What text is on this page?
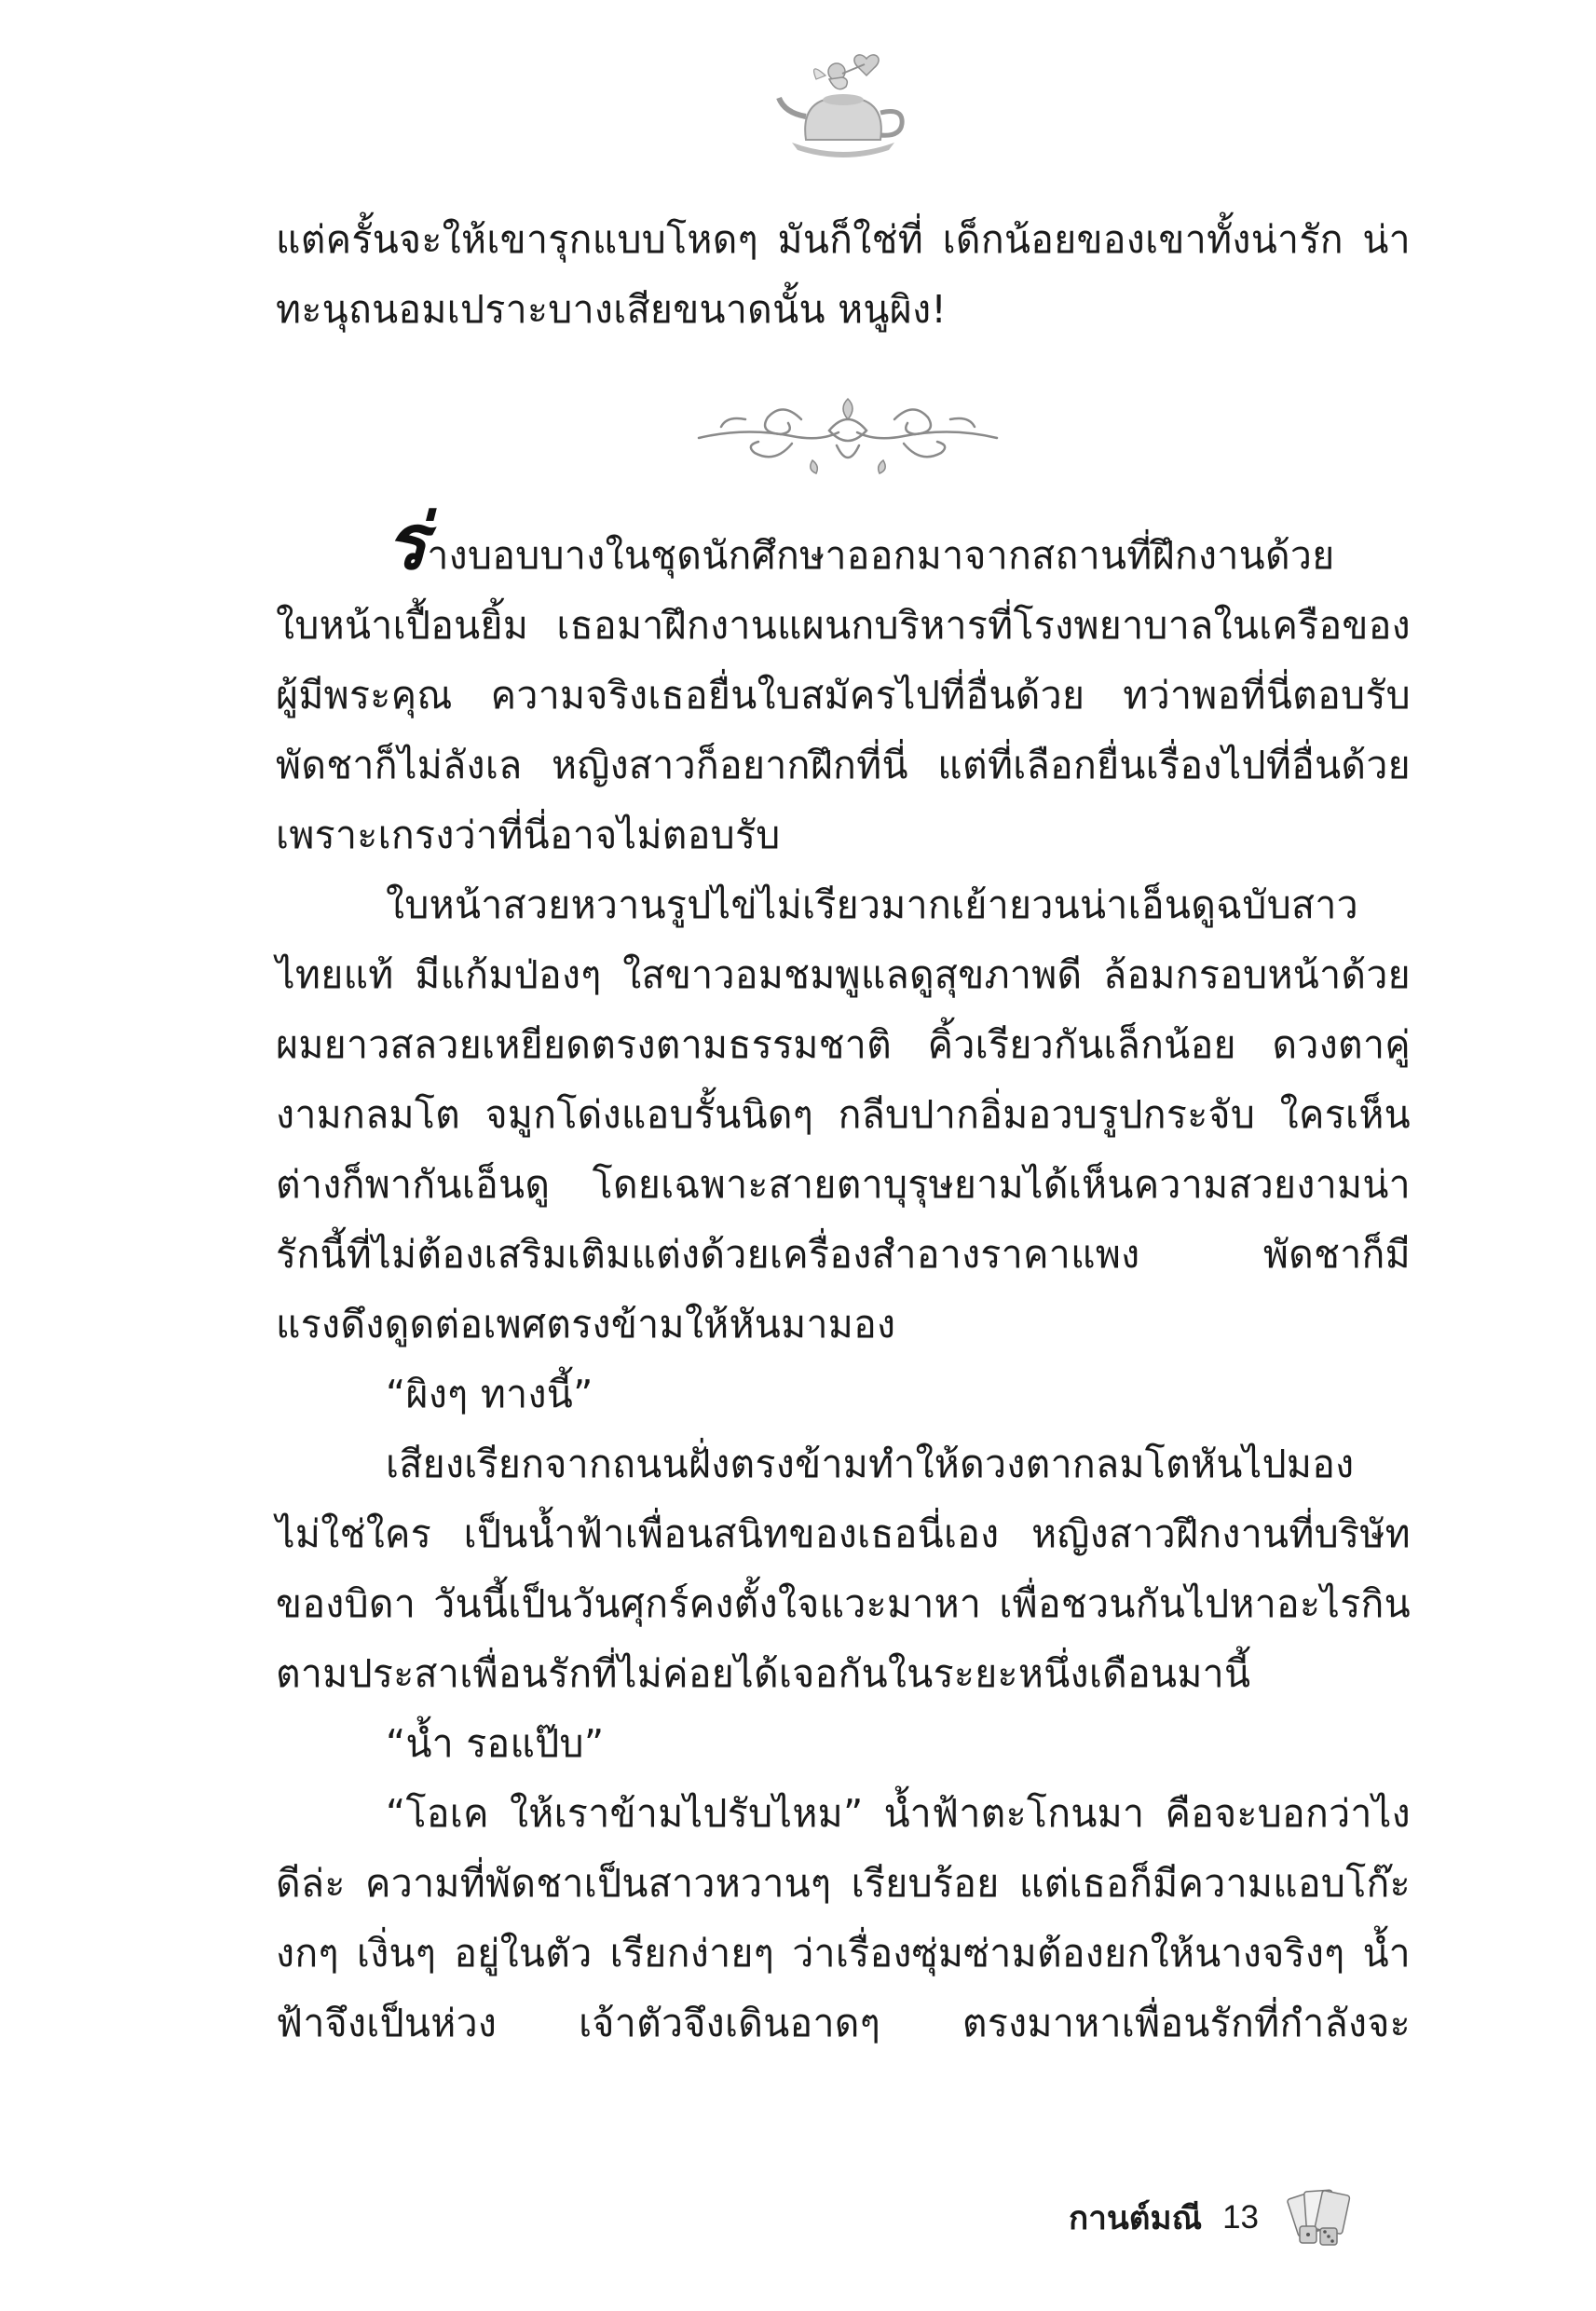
แต่ครั้นจะให้เขารุกแบบโหดๆ มันก็ใช่ที่ เด็กน้อยของเขาทั้งน่ารัก น่าทะนุถนอมเปราะบางเสียขนาดนั้น หนูผิง!

ร่างบอบบางในชุดนักศึกษาออกมาจากสถานที่ฝึกงานด้วยใบหน้าเปื้อนยิ้ม เธอมาฝึกงานแผนกบริหารที่โรงพยาบาลในเครือของผู้มีพระคุณ ความจริงเธอยื่นใบสมัครไปที่อื่นด้วย ทว่าพอที่นี่ตอบรับพัดชาก็ไม่ลังเล หญิงสาวก็อยากฝึกที่นี่ แต่ที่เลือกยื่นเรื่องไปที่อื่นด้วยเพราะเกรงว่าที่นี่อาจไม่ตอบรับ

ใบหน้าสวยหวานรูปไข่ไม่เรียวมากเย้ายวนน่าเอ็นดูฉบับสาวไทยแท้ มีแก้มป่องๆ ใสขาวอมชมพูแลดูสุขภาพดี ล้อมกรอบหน้าด้วยผมยาวสลวยเหยียดตรงตามธรรมชาติ คิ้วเรียวกันเล็กน้อย ดวงตาคู่งามกลมโต จมูกโด่งแอบรั้นนิดๆ กลีบปากอิ่มอวบรูปกระจับ ใครเห็นต่างก็พากันเอ็นดู โดยเฉพาะสายตาบุรุษยามได้เห็นความสวยงามน่ารักนี้ที่ไม่ต้องเสริมเติมแต่งด้วยเครื่องสำอางราคาแพง พัดชาก็มีแรงดึงดูดต่อเพศตรงข้ามให้หันมามอง

“ผิงๆ ทางนี้”

เสียงเรียกจากถนนฝั่งตรงข้ามทำให้ดวงตากลมโตหันไปมองไม่ใช่ใคร เป็นน้ำฟ้าเพื่อนสนิทของเธอนี่เอง หญิงสาวฝึกงานที่บริษัทของบิดา วันนี้เป็นวันศุกร์คงตั้งใจแวะมาหา เพื่อชวนกันไปหาอะไรกินตามประสาเพื่อนรักที่ไม่ค่อยได้เจอกันในระยะหนึ่งเดือนมานี้

“น้ำ รอแป๊บ”

“โอเค ให้เราข้ามไปรับไหม” น้ำฟ้าตะโกนมา คือจะบอกว่าไงดีล่ะ ความที่พัดชาเป็นสาวหวานๆ เรียบร้อย แต่เธอก็มีความแอบโก๊ะงกๆ เงิ่นๆ อยู่ในตัว เรียกง่ายๆ ว่าเรื่องซุ่มซ่ามต้องยกให้นางจริงๆ น้ำฟ้าจึงเป็นห่วง เจ้าตัวจึงเดินอาดๆ ตรงมาหาเพื่อนรักที่กำลังจะ

กานต์มณี 13
